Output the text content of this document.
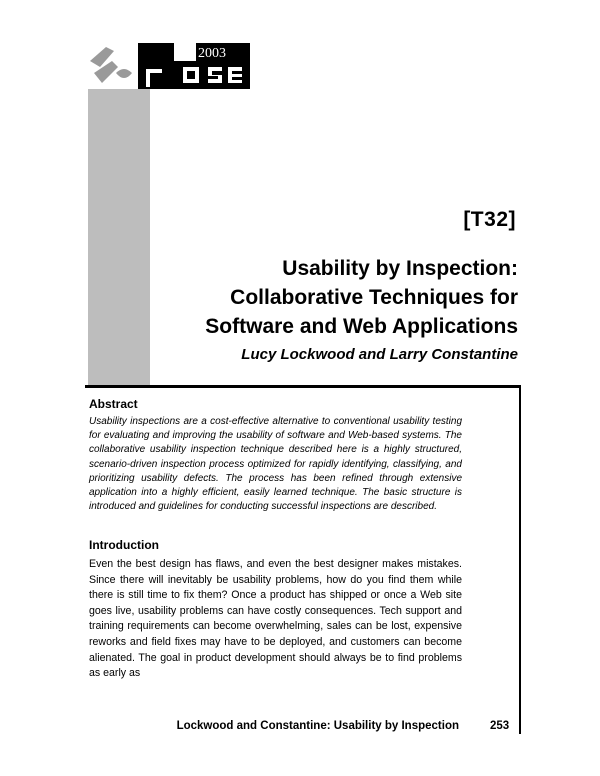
2003
[T32]
Usability by Inspection:
Collaborative Techniques for
Software and Web Applications
Lucy Lockwood and Larry Constantine
Abstract
Usability inspections are a cost-effective alternative to conventional usability testing for evaluating and improving the usability of software and Web-based systems. The collaborative usability inspection technique described here is a highly structured, scenario-driven inspection process optimized for rapidly identifying, classifying, and prioritizing usability defects. The process has been refined through extensive application into a highly efficient, easily learned technique. The basic structure is introduced and guidelines for conducting successful inspections are described.
Introduction
Even the best design has flaws, and even the best designer makes mistakes. Since there will inevitably be usability problems, how do you find them while there is still time to fix them? Once a product has shipped or once a Web site goes live, usability problems can have costly consequences. Tech support and training requirements can become overwhelming, sales can be lost, expensive reworks and field fixes may have to be deployed, and customers can become alienated. The goal in product development should always be to find problems as early as
Lockwood and Constantine: Usability by Inspection	253
